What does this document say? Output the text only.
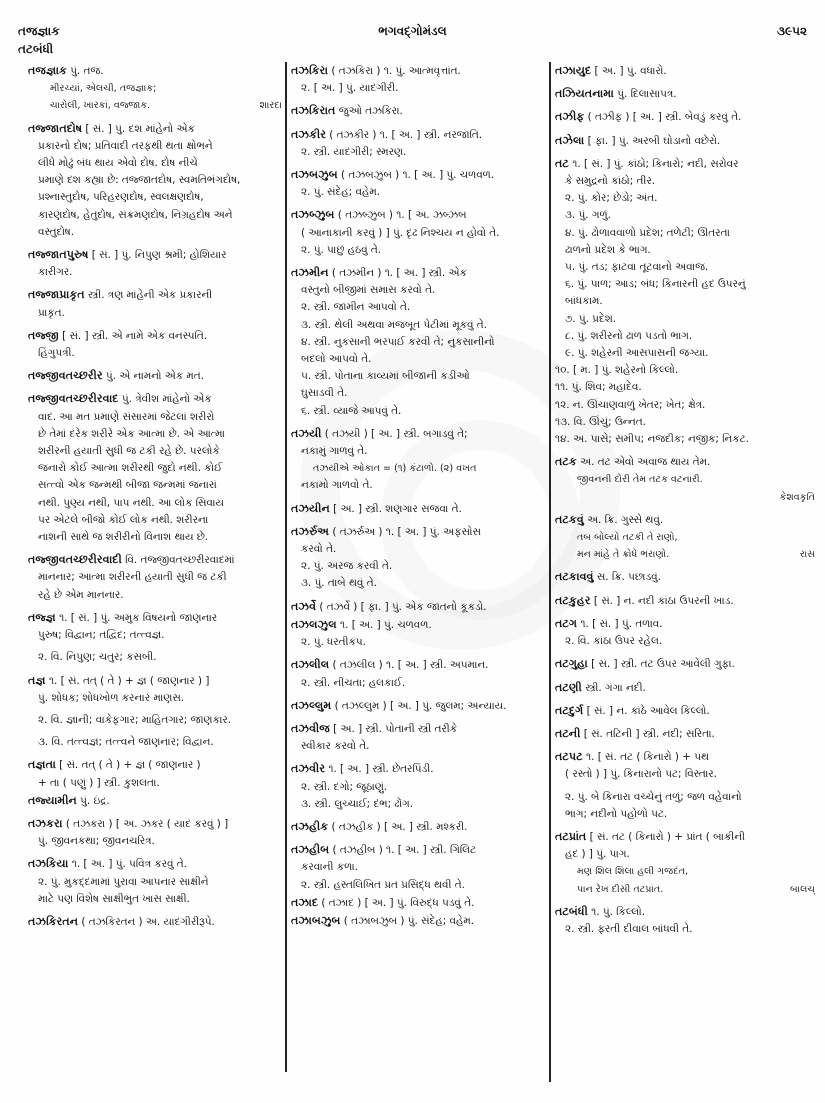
તજજ્ઞાક
તટબંધી
ભગવદ્ગોમંડલ	૩૯૫૨
તજજ્ઞાક પું. તજ.
મીરચ્યાં, એલચી, તજજ્ઞાક;
ચારોલી, ખારકાં, વજ્જાક.	શારદા
તજ્જાતદોષ [ સં. ] પું. દશ માંહેનો એક
પ્રકારનો દોષ; પ્રતિવાદી તરફથી થતા ક્ષોભને
લીધે મોઢું બંધ થાય એવો દોષ. દોષ નીચે
પ્રમાણે દશ કહ્યા છે: તજ્જાતદોષ, સ્વમતિભંગદોષ,
પ્રશ્નાસ્તુદોષ, પરિહરણદોષ, સ્વલક્ષણદોષ,
કારણદોષ, હેતુદોષ, સંક્રમણદોષ, નિગ્રહદોષ અને
વસ્તુદોષ.
તજ્જાતપુરુષ [ સં. ] પું. નિપુણ શ્રમી; હોશિયાર
કારીગર.
તજ્જાપ્રાકૃત સ્ત્રી. ત્રણ માંહેની એક પ્રકારની
પ્રાકૃત.
તજ્જી [ સં. ] સ્ત્રી. એ નામે એક વનસ્પતિ.
હિંગુપત્રી.
તજ્જીવતચ્છરીર પું. એ નામનો એક મત.
તજ્જીવતચ્છરીરવાદ પું. ત્રેવીશ માંહેનો એક
વાદ. આ મત પ્રમાણે સંસારમાં જેટલાં શરીરો
છે તેમાં દરેક શરીરે એક આત્મા છે. એ આત્મા
શરીરની હયાતી સુધી જ ટકી રહે છે. પરલોકે
જનારો કોઈ આત્મા શરીરથી જુદો નથી. કોઈ
સત્ત્વો એક જન્મથી બીજા જન્મમાં જનારાં
નથી. પુણ્ય નથી, પાપ નથી. આ લોક સિવાય
પર એટલે બીજો કોઈ લોક નથી. શરીરના
નાશની સાથે જ શરીરીનો વિનાશ થાય છે.
તજ્જીવતચ્છરીરવાદી વિ. તજ્જીવતચ્છરીરવાદમાં
માનનાર; આત્મા શરીરની હયાતી સુધી જ ટકી
રહે છે એમ માનનાર.
તજ્જ્ઞ ૧. [ સં. ] પું. અમુક વિષયનો જાણનાર
પુરુષ; વિદ્વાન; તદ્વિદ; તત્ત્વજ્ઞ.
૨. વિ. નિપુણ; ચતુર; કસબી.
તજ્ઞ ૧. [ સં. તત્ ( તે ) + જ્ઞ ( જાણનાર ) ]
પું. શોધક; શોધખોળ કરનાર માણસ.
૨. વિ. જ્ઞાની; વાકેફગાર; માહિતગાર; જાણકાર.
૩. વિ. તત્ત્વજ્ઞ; તત્ત્વને જાણનાર; વિદ્વાન.
તજ્ઞતા [ સં. તત્ ( તે ) + જ્ઞ ( જાણનાર )
+ તા ( પણું ) ] સ્ત્રી. કુશલતા.
તજ્યામીન પું. ઇંદ્ર.
તઝકરા ( તઝકરા ) [ અ. ઝકર ( યાદ કરવું ) ]
પું. જીવનકથા; જીવનચરિત્ર.
તઝકિયા ૧. [ અ. ] પું. પવિત્ર કરવું તે.
૨. પું. મુકદ્દમામાં પુરાવા આપનાર સાક્ષીને
માટે પણ વિશેષ સાક્ષીભુત ખાસ સાક્ષી.
તઝકિરતન ( તઝકિરતન ) અ. યાદગીરીરૂપે.
તઝકિરા ( તઝકિરા ) ૧. પું. આત્મવૃત્તાંત.
૨. [ અ. ] પું. યાદગીરી.
તઝકિરાત જુઓ તઝકિરા.
તઝકીર ( તઝકીર ) ૧. [ અ. ] સ્ત્રી. નરજાતિ.
૨. સ્ત્રી. યાદગીરી; સ્મરણ.
તઝબઝુબ ( તઝબઝુબ ) ૧. [ અ. ] પું. ચળવળ.
૨. પું. સંદેહ; વહેમ.
તઝબ્ઝુબ ( તઝબ્ઝુબ ) ૧. [ અ. ઝબ્ઝબ
( આનાકાની કરવું ) ] પું. દૃઢ નિશ્ચય ન હોવો તે.
૨. પું. પાછું હઠવું તે.
તઝમીન ( તઝમીન ) ૧. [ અ. ] સ્ત્રી. એક
વસ્તુનો બીજીમાં સમાસ કરવો તે.
૨. સ્ત્રી. જામીન આપવો તે.
૩. સ્ત્રી. થેલી અથવા મજબૂત પેટીમાં મૂકવું તે.
૪. સ્ત્રી. નુકસાની ભરપાઈ કરવી તે; નુકસાનીનો
બદલો આપવો તે.
૫. સ્ત્રી. પોતાના કાવ્યમાં બીજાની કડીઓ
ઘુસાડવી તે.
૬. સ્ત્રી. વ્યાજે આપવું તે.
તઝયી ( તઝયી ) [ અ. ] સ્ત્રી. બગાડવું તે;
નકામું ગાળવું તે.
તઝયીએ ઓકાત = (૧) કંટાળો. (૨) વખત
નકામો ગાળવો તે.
તઝયીન [ અ. ] સ્ત્રી. શણગાર સજવા તે.
તઝર્રુઅ ( તઝર્રુઅ ) ૧. [ અ. ] પું. અફસોસ
કરવો તે.
૨. પું. અરજ કરવી તે.
૩. પું. તાબે થવું તે.
તઝર્વે ( તઝર્વે ) [ ફા. ] પું. એક જાતનો કૂકડો.
તઝલઝુલ ૧. [ અ. ] પું. ચળવળ.
૨. પું. ધરતીકંપ.
તઝલીલ ( તઝલીલ ) ૧. [ અ. ] સ્ત્રી. અપમાન.
૨. સ્ત્રી. નીચતા; હલકાઈ.
તઝલ્લુમ ( તઝલ્લુમ ) [ અ. ] પું. જુલમ; અન્યાય.
તઝવીજ [ અ. ] સ્ત્રી. પોતાની સ્ત્રી તરીકે
સ્વીકાર કરવો તે.
તઝવીર ૧. [ અ. ] સ્ત્રી. છેતરપિંડી.
૨. સ્ત્રી. દગો; જૂઠાણું.
૩. સ્ત્રી. લુચ્ચાઈ; દંભ; ઢોંગ.
તઝહીક ( તઝહીક ) [ અ. ] સ્ત્રી. મશ્કરી.
તઝહીબ ( તઝહીબ ) ૧. [ અ. ] સ્ત્રી. ગિલિટ
કરવાની કળા.
૨. સ્ત્રી. હસ્તલિખિત પ્રત પ્રસિદ્ધ થવી તે.
તઝાદ ( તઝાદ ) [ અ. ] પું. વિરુદ્ધ પડવું તે.
તઝાબઝુબ ( તઝાબઝુબ ) પું. સંદેહ; વહેમ.
તઝાયુદ [ અ. ] પું. વધારો.
તઝિયતનામા પું. દિલાસાપત્ર.
તઝીફ ( તઝીફ ) [ અ. ] સ્ત્રી. બેવડું કરવું તે.
તઝેલા [ ફા. ] પું. અરબી ઘોડાનો વછેરો.
તટ ૧. [ સં. ] પું. કાંઠો; કિનારો; નદી, સરોવર
કે સમુદ્રનો કાંઠો; તીર.
૨. પું. કોર; છેડો; અંત.
૩. પું. ગળું.
૪. પું. ઢોળાવવાળો પ્રદેશ; તળેટી; ઊતરતા
ઢાળનો પ્રદેશ કે ભાગ.
૫. પું. તડ; ફાટવા તૂટવાનો અવાજ.
૬. પું. પાળ; આડ; બંધ; કિનારની હદ ઉપરનું
બાંધકામ.
૭. પું. પ્રદેશ.
૮. પું. શરીરનો ઢાળ પડતો ભાગ.
૯. પું. શહેરની આસપાસની જગ્યા.
૧૦. [ મ. ] પું. શહેરનો કિલ્લો.
૧૧. પું. શિવ; મહાદેવ.
૧૨. ન. ઊંચાણવાળું ખેતર; ખેત; ક્ષેત્ર.
૧૩. વિ. ઊંચું; ઉન્નત.
૧૪. અ. પાસે; સમીપ; નજદીક; નજીક; નિકટ.
તટક અ. તટ એવો અવાજ થાય તેમ.
જીવનની દોરી તેમ તટક વટનારી.
કેશવકૃતિ
તટકવું અ. ક્રિ. ગુસ્સે થવું.
તબ બોલ્યો તટકી તે રાણો,
મન માંહે તે ક્રોધે ભરાણો.	રાસ
તટકાવવું સ. ક્રિ. પછાડવું.
તટકુહર [ સં. ] ન. નદી કાંઠા ઉપરની ખાડ.
તટગ ૧. [ સં. ] પું. તળાવ.
૨. વિ. કાંઠા ઉપર રહેલ.
તટગુહા [ સં. ] સ્ત્રી. તટ ઉપર આવેલી ગુફા.
તટણી સ્ત્રી. ગંગા નદી.
તટદુર્ગ [ સં. ] ન. કાંઠે આવેલ કિલ્લો.
તટની [ સં. તટિની ] સ્ત્રી. નદી; સરિતા.
તટપટ ૧. [ સં. તટ ( કિનારો ) + પથ
( રસ્તો ) ] પું. કિનારાનો પટ; વિસ્તાર.
૨. પું. બે કિનારા વચ્ચેનું તળું; જળ વહેવાનો
ભાગ; નદીનો પહોળો પટ.
તટપ્રાંત [ સં. તટ ( કિનારો ) + પ્રાંત ( બાકીની
હદ ) ] પું. પાગ.
મણ શિલ શિલા હલી ગજદંત,
પાન રેખ દીસી તટપ્રાંત.	બાલચ્
તટબંધી ૧. પું. કિલ્લો.
૨. સ્ત્રી. ફરતી દીવાલ બાંધવી તે.
